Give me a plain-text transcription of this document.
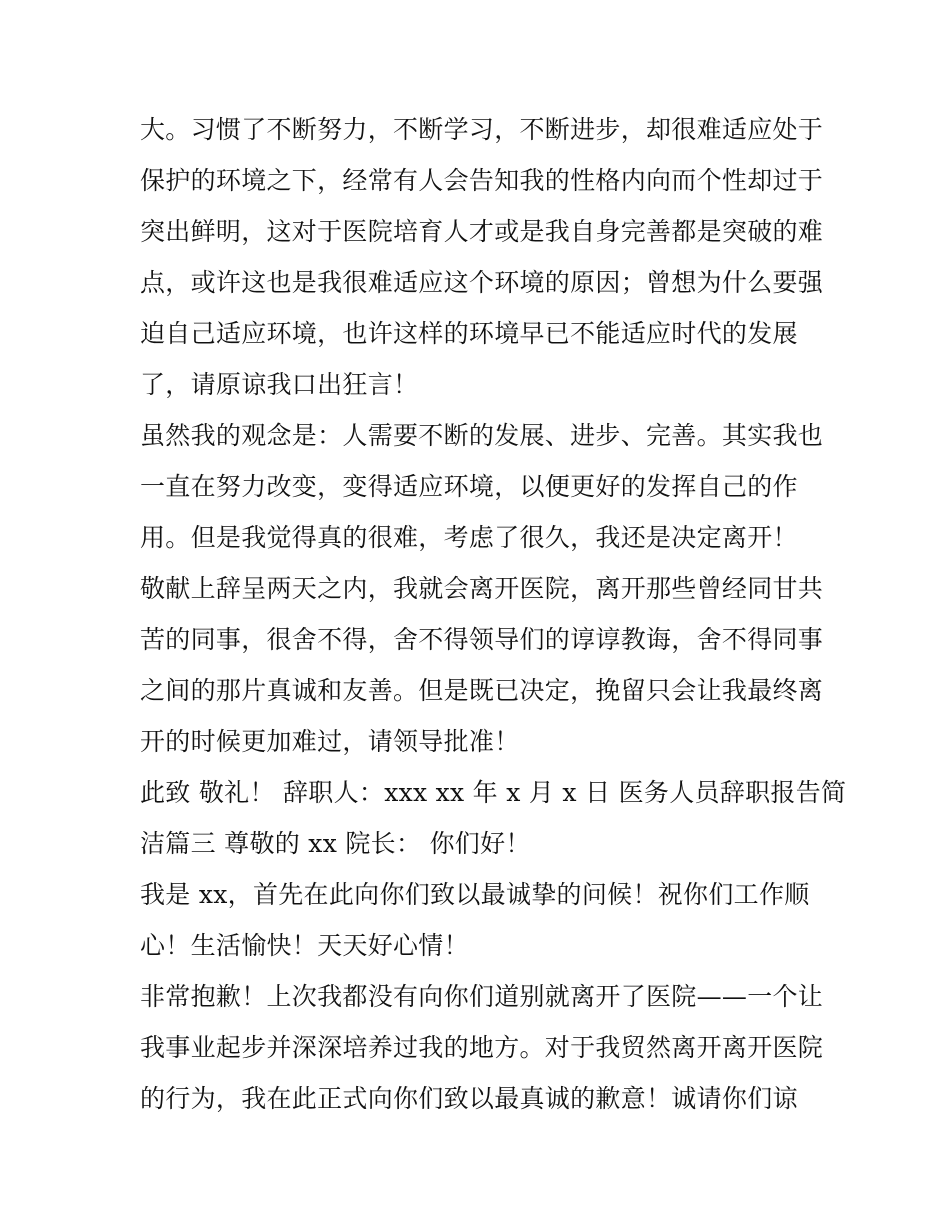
大。习惯了不断努力，不断学习，不断进步，却很难适应处于
保护的环境之下，经常有人会告知我的性格内向而个性却过于
突出鲜明，这对于医院培育人才或是我自身完善都是突破的难
点，或许这也是我很难适应这个环境的原因；曾想为什么要强
迫自己适应环境，也许这样的环境早已不能适应时代的发展
了，请原谅我口出狂言！
虽然我的观念是：人需要不断的发展、进步、完善。其实我也
一直在努力改变，变得适应环境，以便更好的发挥自己的作
用。但是我觉得真的很难，考虑了很久，我还是决定离开！
敬献上辞呈两天之内，我就会离开医院，离开那些曾经同甘共
苦的同事，很舍不得，舍不得领导们的谆谆教诲，舍不得同事
之间的那片真诚和友善。但是既已决定，挽留只会让我最终离
开的时候更加难过，请领导批准！
此致 敬礼！ 辞职人：xxx xx 年 x 月 x 日 医务人员辞职报告简
洁篇三 尊敬的 xx 院长： 你们好！
我是 xx，首先在此向你们致以最诚挚的问候！祝你们工作顺
心！生活愉快！天天好心情！
非常抱歉！上次我都没有向你们道别就离开了医院——一个让
我事业起步并深深培养过我的地方。对于我贸然离开离开医院
的行为，我在此正式向你们致以最真诚的歉意！诚请你们谅
